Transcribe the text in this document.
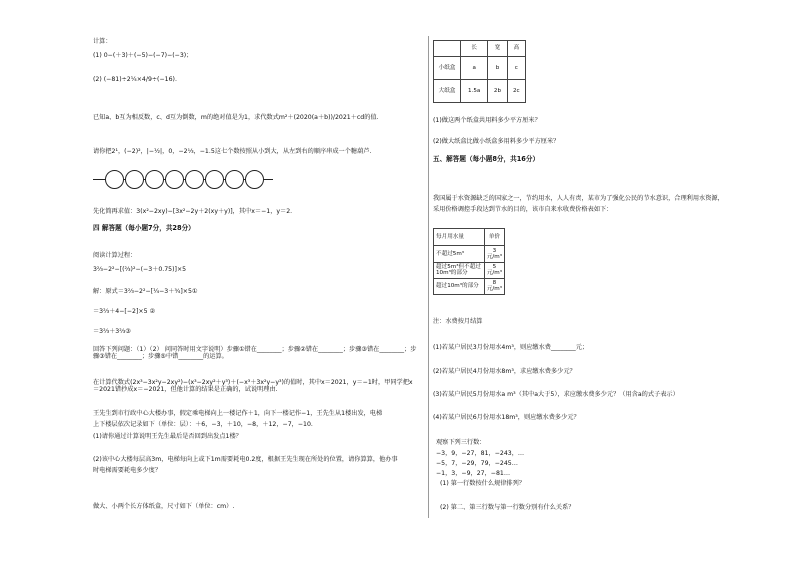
计算：
(1) 0−(＋3)＋(−5)−(−7)−(−3)；
(2) (−81)÷2¼×4/9÷(−16).
已知a、b互为相反数，c、d互为倒数，m的绝对值是为1，求代数式m²＋(2020(a＋b))/2021＋cd的值.
请你把2¹，(−2)²，|−½|，0，−2⅓，−1.5这七个数按照从小到大，从左到右的顺序串成一个糖葫芦.
先化简再求值：3(x²−2xy)−[3x²−2y＋2(xy＋y)]，其中x＝−1，y＝2.
四 解答题（每小题7分，共28分）
阅读计算过程：
3⅔−2²−[(⅔)²−(−3＋0.75)]×5
解：原式＝3⅔−2²−[¼−3＋¾]×5①
＝3⅔＋4−[−2]×5 ②
＝3⅔＋3⅔③
回答下列问题：（1）（2） 问同答时用文字说明）步骤①错在________；步骤②错在________；步骤③错在________；步骤③错在________；步骤⑤中错________的运算。
在计算代数式(2x³−3x²y−2xy²)−(x³−2xy²＋y³)＋(−x³＋3x²y−y³)的值时，其中x＝2021，y＝−1时，甲同学把x＝2021错抄成x＝−2021，但他计算的结果是正确的，试说明理由.
王先生到市行政中心大楼办事，假定乘电梯向上一楼记作＋1，向下一楼记作−1，王先生从1楼出发，电梯
上下楼层依次记录如下（单位：层）：＋6，−3，＋10，−8，＋12，−7，−10.
(1)请你通过计算说明王先生最后是否回到出发点1楼？
(2)该中心大楼每层高3m，电梯每向上或下1m需要耗电0.2度，根据王先生现在所处的位置，请你算算，他办事
时电梯需要耗电多少度？
做大、小两个长方体纸盒，尺寸如下（单位：cm）.
	长	宽	高
小纸盒	a	b	c
大纸盒	1.5a	2b	2c
(1)做这两个纸盒共用料多少平方厘米？
(2)做大纸盒比做小纸盒多用料多少平方厘米？
五、解答题（每小题8分，共16分）
我国属于水资源缺乏的国家之一，节约用水，人人有责，某市为了强化公民的节水意识，合理利用水资源，
采用价格调控手段达到节水的目的，该市自来水收费价格表如下：
每月用水量	单价
不超过5m³	3元/m³
超过5m³但不超过10m³的部分	5元/m³
超过10m³的部分	8元/m³
注：水费按月结算
(1)若某户居民3月份用水4m³，则应缴水费________元；
(2)若某户居民4月份用水8m³，求应缴水费多少元？
(3)若某户居民5月份用水a m³（其中a大于5），求应缴水费多少元？（用含a的式子表示）
(4)若某户居民6月份用水18m³，则应缴水费多少元？
观察下列三行数：
−3，9，−27，81，−243，…
−5，7，−29，79，−245…
−1，3，−9，27，−81…
(1) 第一行数按什么规律排列？
(2) 第二、第三行数与第一行数分别有什么关系？
